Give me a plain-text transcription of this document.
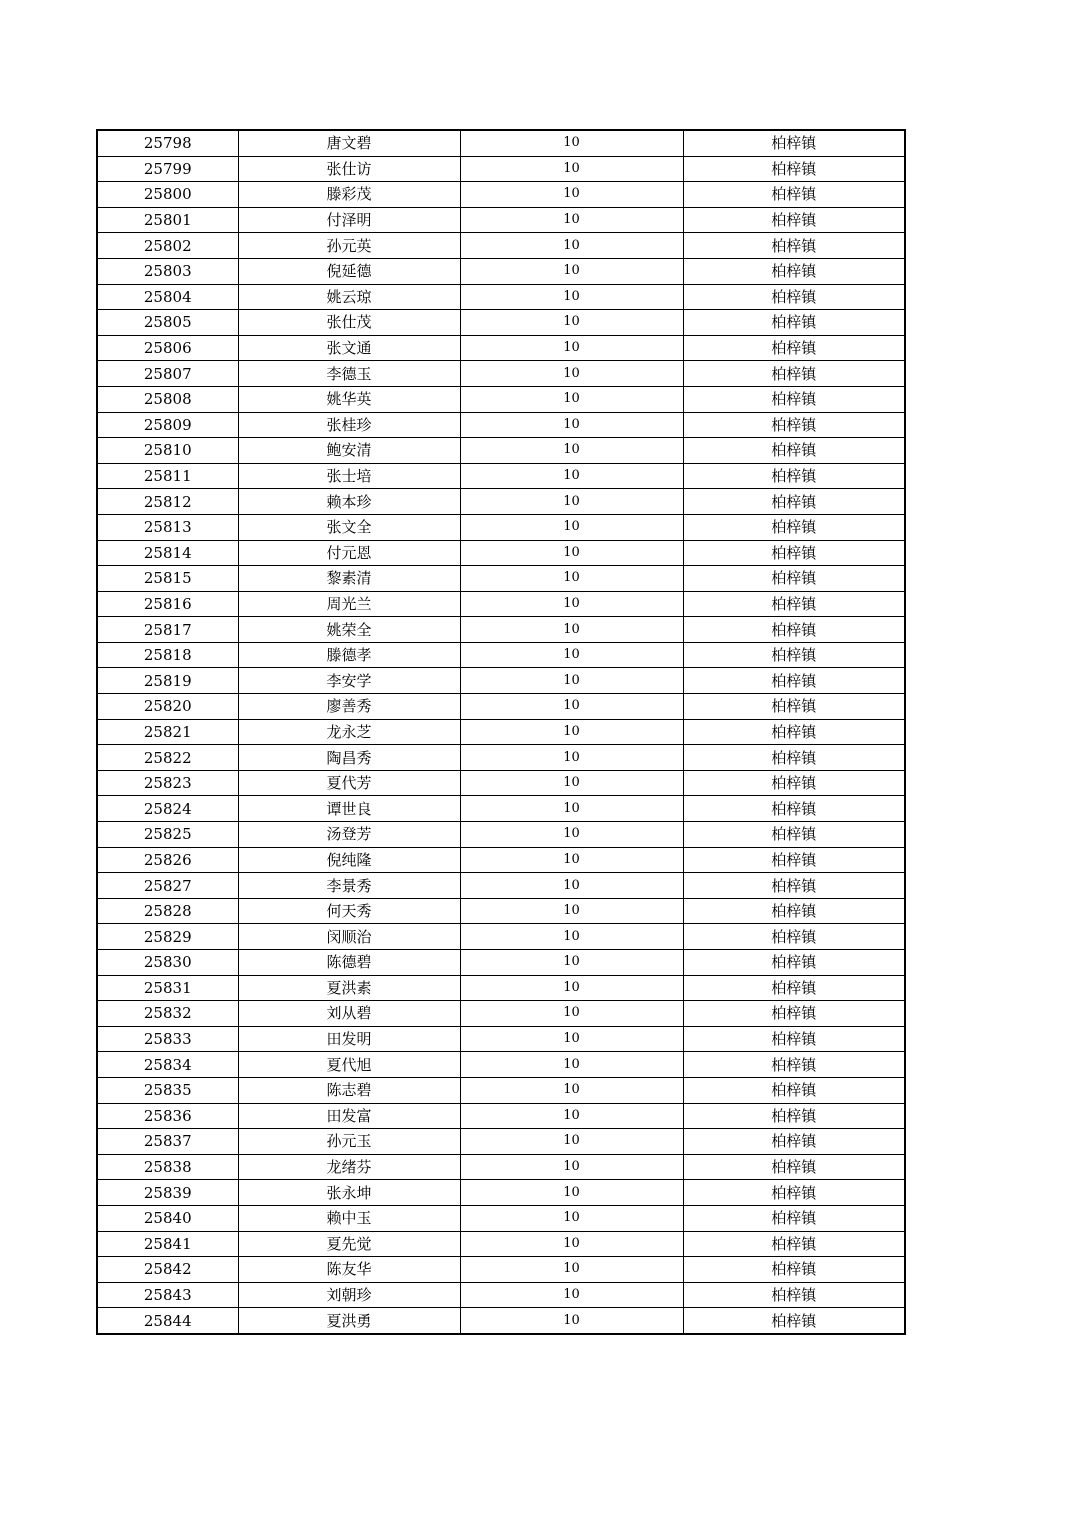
25798	唐文碧	10	柏梓镇
25799	张仕访	10	柏梓镇
25800	滕彩茂	10	柏梓镇
25801	付泽明	10	柏梓镇
25802	孙元英	10	柏梓镇
25803	倪延德	10	柏梓镇
25804	姚云琼	10	柏梓镇
25805	张仕茂	10	柏梓镇
25806	张文通	10	柏梓镇
25807	李德玉	10	柏梓镇
25808	姚华英	10	柏梓镇
25809	张桂珍	10	柏梓镇
25810	鲍安清	10	柏梓镇
25811	张士培	10	柏梓镇
25812	赖本珍	10	柏梓镇
25813	张文全	10	柏梓镇
25814	付元恩	10	柏梓镇
25815	黎素清	10	柏梓镇
25816	周光兰	10	柏梓镇
25817	姚荣全	10	柏梓镇
25818	滕德孝	10	柏梓镇
25819	李安学	10	柏梓镇
25820	廖善秀	10	柏梓镇
25821	龙永芝	10	柏梓镇
25822	陶昌秀	10	柏梓镇
25823	夏代芳	10	柏梓镇
25824	谭世良	10	柏梓镇
25825	汤登芳	10	柏梓镇
25826	倪纯隆	10	柏梓镇
25827	李景秀	10	柏梓镇
25828	何天秀	10	柏梓镇
25829	闵顺治	10	柏梓镇
25830	陈德碧	10	柏梓镇
25831	夏洪素	10	柏梓镇
25832	刘从碧	10	柏梓镇
25833	田发明	10	柏梓镇
25834	夏代旭	10	柏梓镇
25835	陈志碧	10	柏梓镇
25836	田发富	10	柏梓镇
25837	孙元玉	10	柏梓镇
25838	龙绪芬	10	柏梓镇
25839	张永坤	10	柏梓镇
25840	赖中玉	10	柏梓镇
25841	夏先觉	10	柏梓镇
25842	陈友华	10	柏梓镇
25843	刘朝珍	10	柏梓镇
25844	夏洪勇	10	柏梓镇
